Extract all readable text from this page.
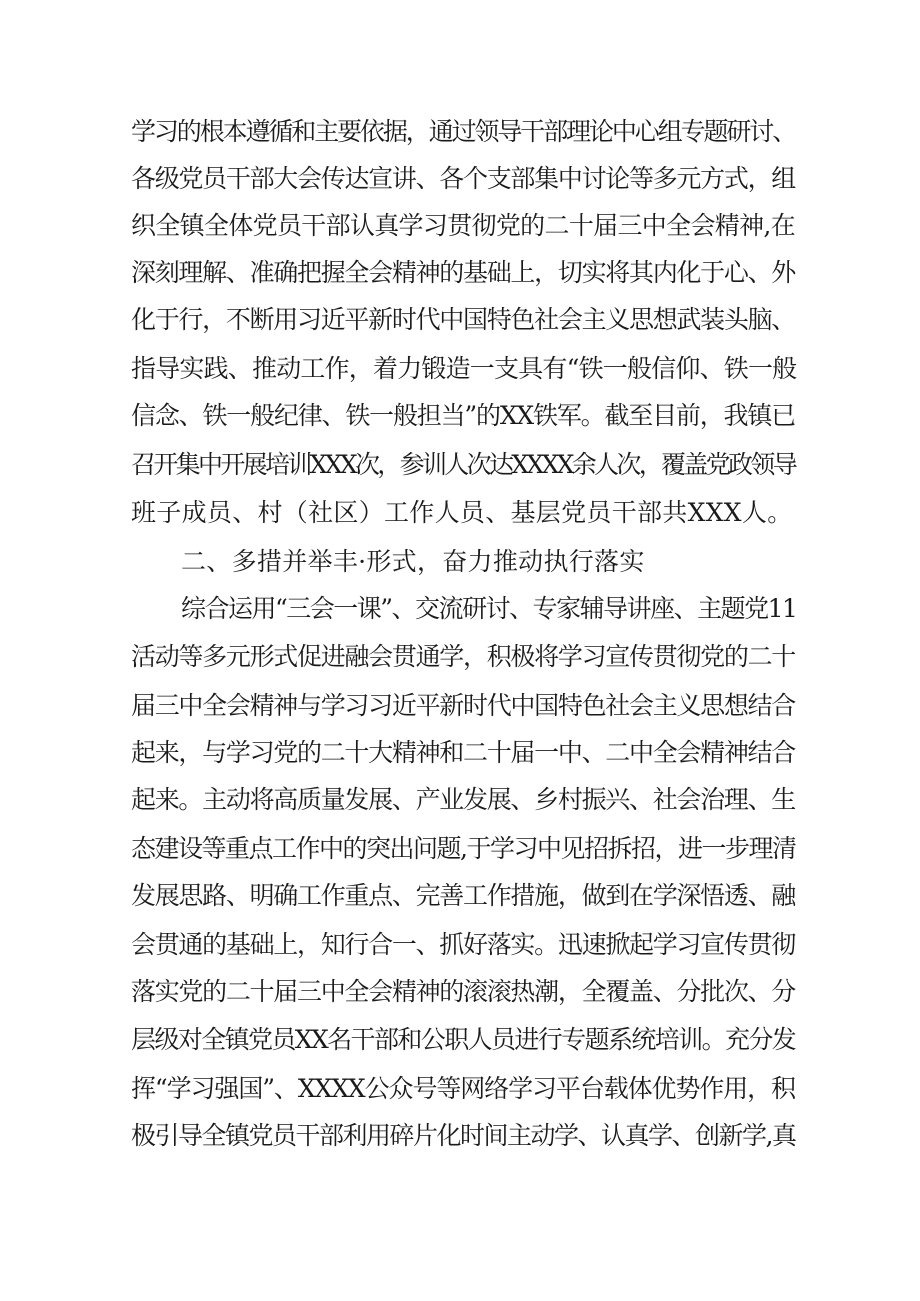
学习的根本遵循和主要依据，通过领导干部理论中心组专题研讨、
各级党员干部大会传达宣讲、各个支部集中讨论等多元方式，组
织全镇全体党员干部认真学习贯彻党的二十届三中全会精神,在
深刻理解、准确把握全会精神的基础上，切实将其内化于心、外
化于行，不断用习近平新时代中国特色社会主义思想武装头脑、
指导实践、推动工作，着力锻造一支具有“铁一般信仰、铁一般
信念、铁一般纪律、铁一般担当”的XX铁军。截至目前，我镇已
召开集中开展培训XXX次，参训人次达XXXX余人次，覆盖党政领导
班子成员、村（社区）工作人员、基层党员干部共XXX人。
二、多措并举丰·形式，奋力推动执行落实
综合运用“三会一课”、交流研讨、专家辅导讲座、主题党11
活动等多元形式促进融会贯通学，积极将学习宣传贯彻党的二十
届三中全会精神与学习习近平新时代中国特色社会主义思想结合
起来，与学习党的二十大精神和二十届一中、二中全会精神结合
起来。主动将高质量发展、产业发展、乡村振兴、社会治理、生
态建设等重点工作中的突出问题,于学习中见招拆招，进一步理清
发展思路、明确工作重点、完善工作措施，做到在学深悟透、融
会贯通的基础上，知行合一、抓好落实。迅速掀起学习宣传贯彻
落实党的二十届三中全会精神的滚滚热潮，全覆盖、分批次、分
层级对全镇党员XX名干部和公职人员进行专题系统培训。充分发
挥“学习强国”、XXXX公众号等网络学习平台载体优势作用，积
极引导全镇党员干部利用碎片化时间主动学、认真学、创新学,真
